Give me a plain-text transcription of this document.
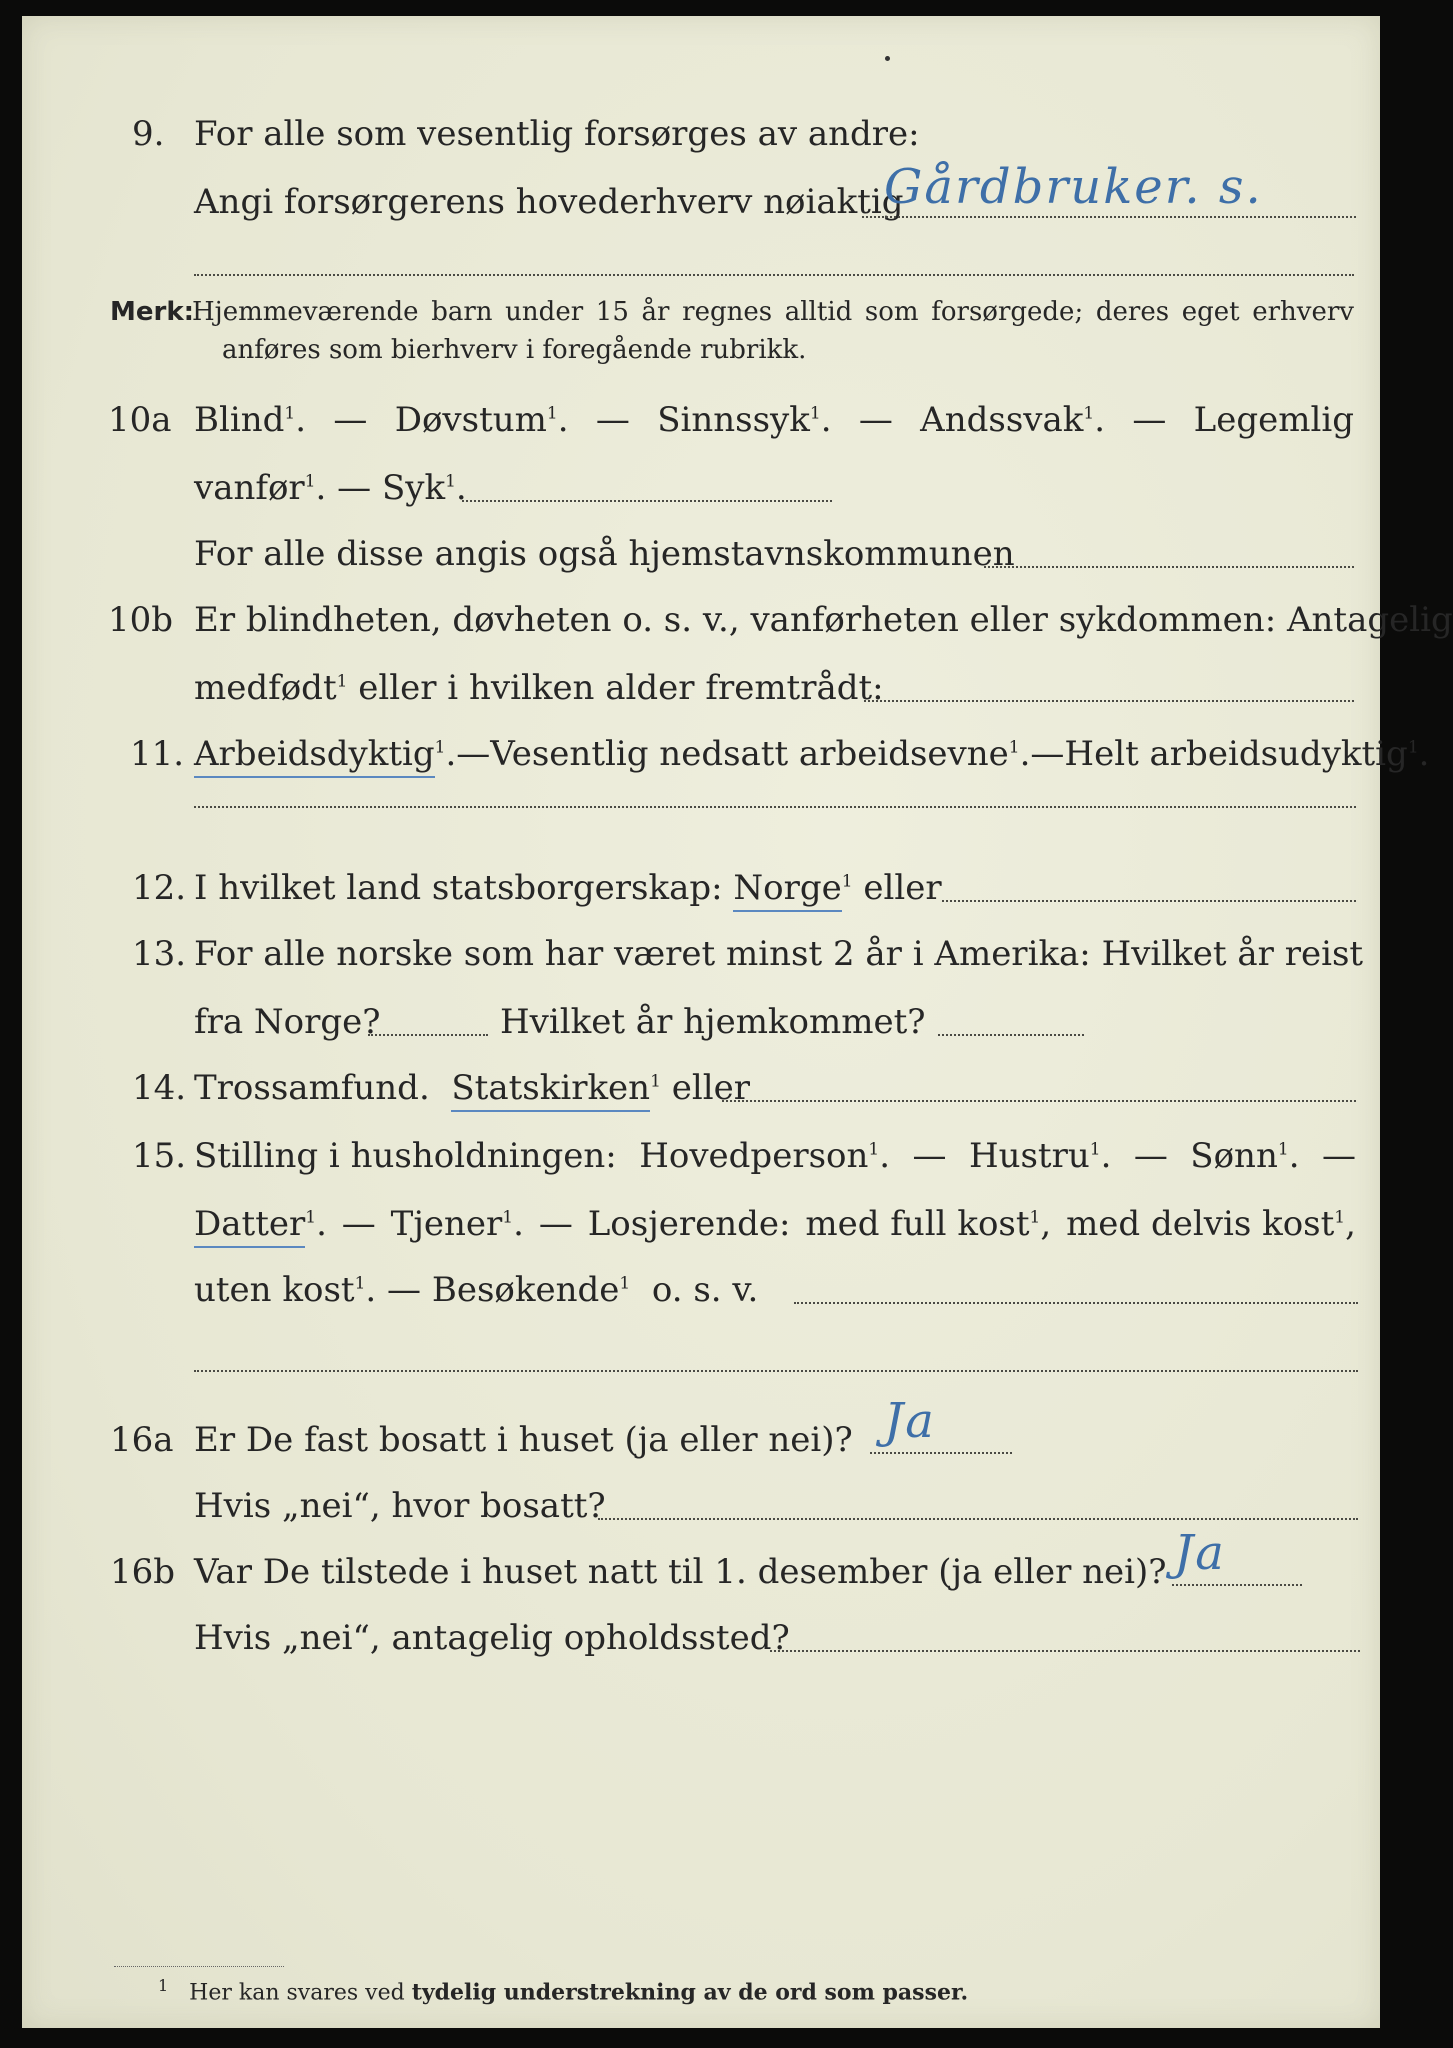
9. For alle som vesentlig forsørges av andre:
Angi forsørgerens hovederhverv nøiaktig
Gårdbruker. s.
Merk:
Hjemmeværende barn under 15 år regnes alltid som forsørgede; deres eget erhverv
anføres som bierhverv i foregående rubrikk.
10a Blind$^1$. — Døvstum$^1$. — Sinnssyk$^1$. — Andssvak$^1$. — Legemlig
vanfør$^1$. — Syk$^1$.
For alle disse angis også hjemstavnskommunen
10b Er blindheten, døvheten o. s. v., vanførheten eller sykdommen: Antagelig
medfødt$^1$ eller i hvilken alder fremtrådt:
11. Arbeidsdyktig$^1$. — Vesentlig nedsatt arbeidsevne$^1$. — Helt arbeidsudyktig$^1$.
12. I hvilket land statsborgerskap: Norge$^1$ eller
13. For alle norske som har været minst 2 år i Amerika: Hvilket år reist
fra Norge?	Hvilket år hjemkommet?
14. Trossamfund. Statskirken$^1$ eller
15. Stilling i husholdningen: Hovedperson$^1$. — Hustru$^1$. — Sønn$^1$. —
Datter$^1$. — Tjener$^1$. — Losjerende: med full kost$^1$, med delvis kost$^1$,
uten kost$^1$. — Besøkende$^1$ o. s. v.
16a Er De fast bosatt i huset (ja eller nei)? Ja
Hvis „nei“, hvor bosatt?
16b Var De tilstede i huset natt til 1. desember (ja eller nei)? Ja
Hvis „nei“, antagelig opholdssted?
$^1$ Her kan svares ved tydelig understrekning av de ord som passer.
